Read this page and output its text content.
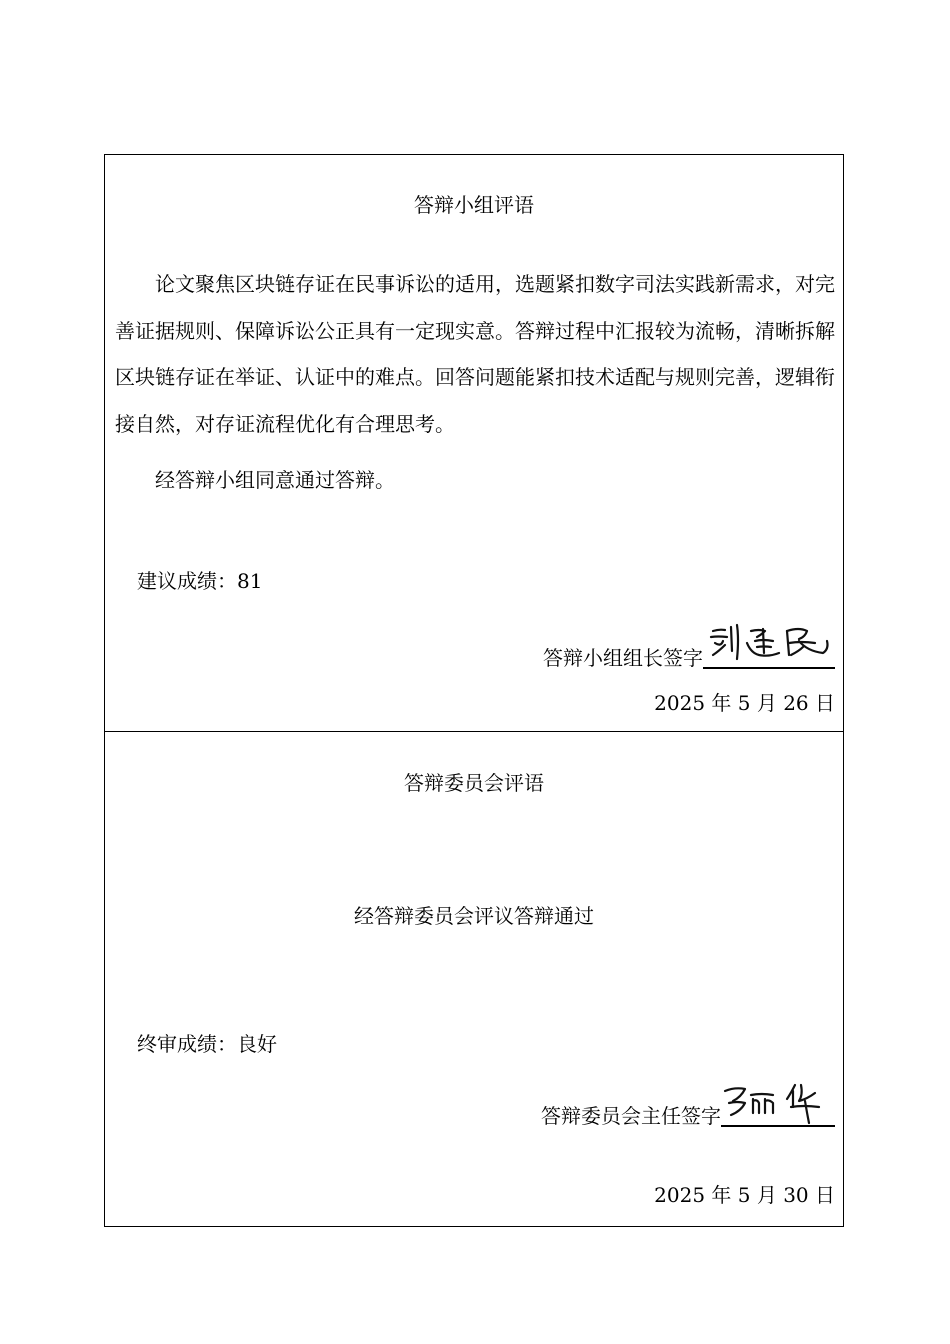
答辩小组评语

论文聚焦区块链存证在民事诉讼的适用，选题紧扣数字司法实践新需求，对完善证据规则、保障诉讼公正具有一定现实意。答辩过程中汇报较为流畅，清晰拆解区块链存证在举证、认证中的难点。回答问题能紧扣技术适配与规则完善，逻辑衔接自然，对存证流程优化有合理思考。

经答辩小组同意通过答辩。

建议成绩：81
答辩小组组长签字
2025 年 5 月 26 日
答辩委员会评语
经答辩委员会评议答辩通过
终审成绩：良好
答辩委员会主任签字
2025 年 5 月 30 日
